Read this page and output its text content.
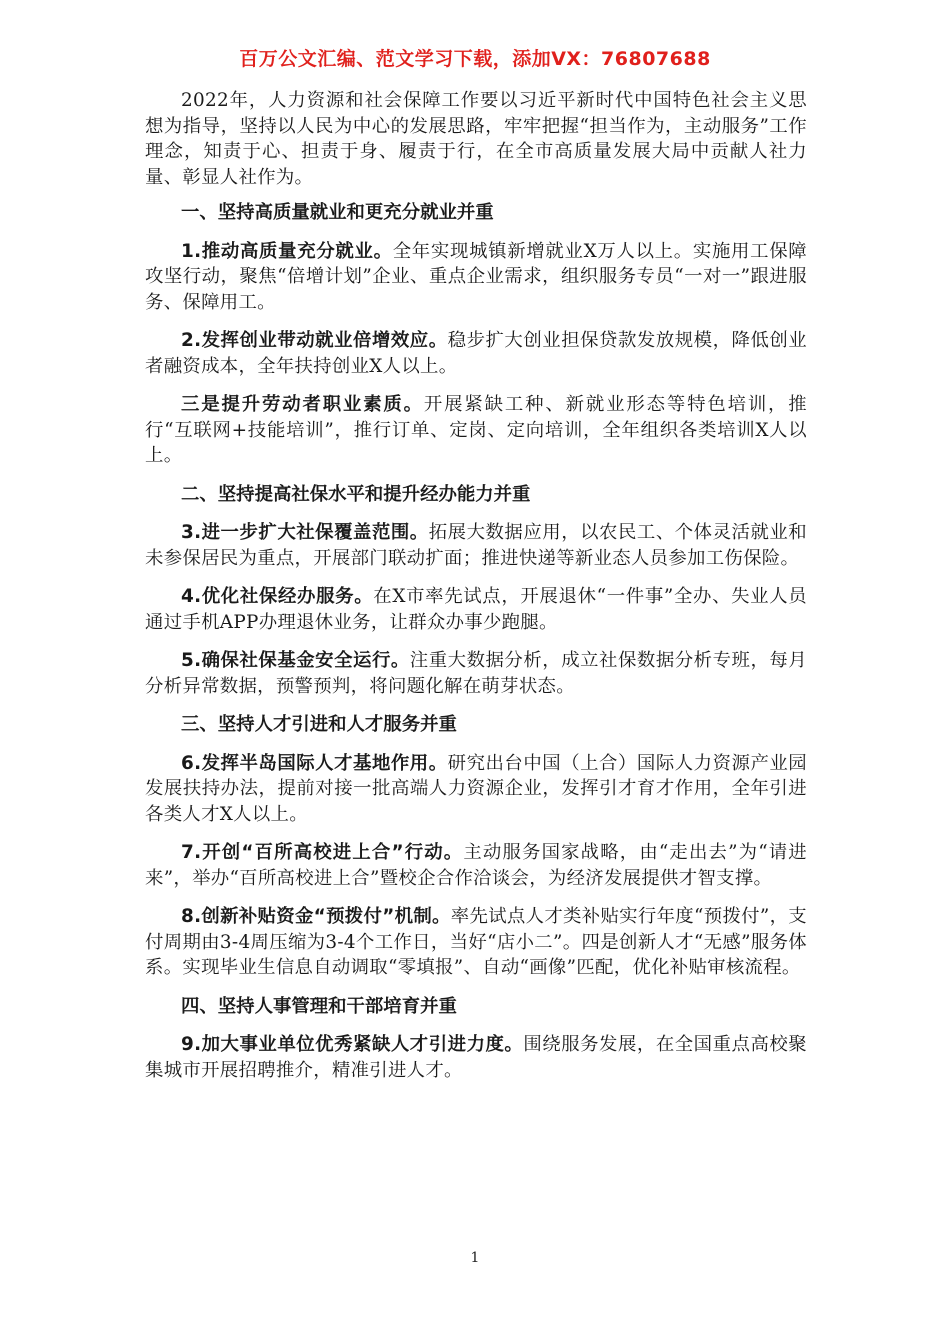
百万公文汇编、范文学习下载，添加VX：76807688

2022年，人力资源和社会保障工作要以习近平新时代中国特色社会主义思想为指导，坚持以人民为中心的发展思路，牢牢把握“担当作为，主动服务”工作理念，知责于心、担责于身、履责于行，在全市高质量发展大局中贡献人社力量、彰显人社作为。

一、坚持高质量就业和更充分就业并重

1.推动高质量充分就业。全年实现城镇新增就业X万人以上。实施用工保障攻坚行动，聚焦“倍增计划”企业、重点企业需求，组织服务专员“一对一”跟进服务、保障用工。

2.发挥创业带动就业倍增效应。稳步扩大创业担保贷款发放规模，降低创业者融资成本，全年扶持创业X人以上。

三是提升劳动者职业素质。开展紧缺工种、新就业形态等特色培训，推行“互联网+技能培训”，推行订单、定岗、定向培训，全年组织各类培训X人以上。

二、坚持提高社保水平和提升经办能力并重

3.进一步扩大社保覆盖范围。拓展大数据应用，以农民工、个体灵活就业和未参保居民为重点，开展部门联动扩面；推进快递等新业态人员参加工伤保险。

4.优化社保经办服务。在X市率先试点，开展退休“一件事”全办、失业人员通过手机APP办理退休业务，让群众办事少跑腿。

5.确保社保基金安全运行。注重大数据分析，成立社保数据分析专班，每月分析异常数据，预警预判，将问题化解在萌芽状态。

三、坚持人才引进和人才服务并重

6.发挥半岛国际人才基地作用。研究出台中国（上合）国际人力资源产业园发展扶持办法，提前对接一批高端人力资源企业，发挥引才育才作用，全年引进各类人才X人以上。

7.开创“百所高校进上合”行动。主动服务国家战略，由“走出去”为“请进来”，举办“百所高校进上合”暨校企合作洽谈会，为经济发展提供才智支撑。

8.创新补贴资金“预拨付”机制。率先试点人才类补贴实行年度“预拨付”，支付周期由3-4周压缩为3-4个工作日，当好“店小二”。四是创新人才“无感”服务体系。实现毕业生信息自动调取“零填报”、自动“画像”匹配，优化补贴审核流程。

四、坚持人事管理和干部培育并重

9.加大事业单位优秀紧缺人才引进力度。围绕服务发展，在全国重点高校聚集城市开展招聘推介，精准引进人才。

1
